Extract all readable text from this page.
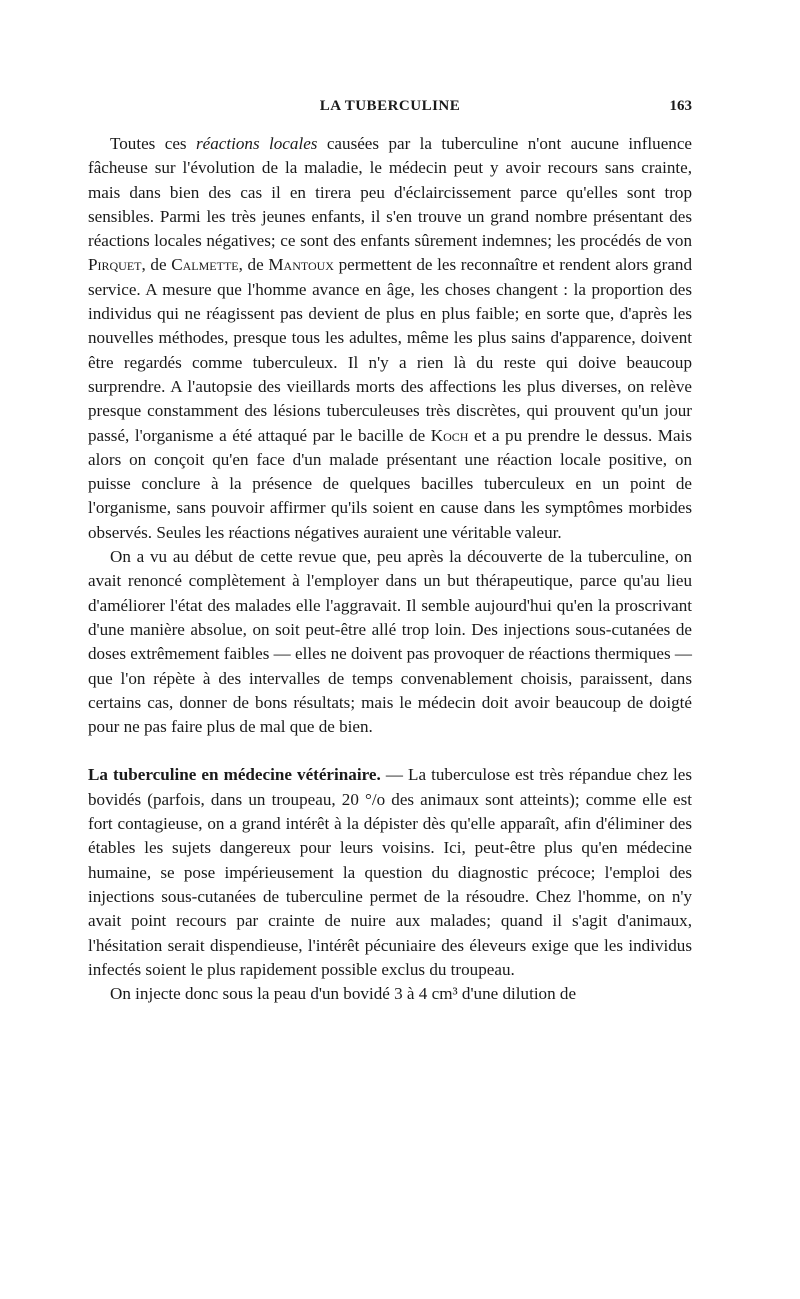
LA TUBERCULINE	163

Toutes ces réactions locales causées par la tuberculine n'ont aucune influence fâcheuse sur l'évolution de la maladie, le médecin peut y avoir recours sans crainte, mais dans bien des cas il en tirera peu d'éclaircissement parce qu'elles sont trop sensibles. Parmi les très jeunes enfants, il s'en trouve un grand nombre présentant des réactions locales négatives; ce sont des enfants sûrement indemnes; les procédés de von Pirquet, de Calmette, de Mantoux permettent de les reconnaître et rendent alors grand service. A mesure que l'homme avance en âge, les choses changent : la proportion des individus qui ne réagissent pas devient de plus en plus faible; en sorte que, d'après les nouvelles méthodes, presque tous les adultes, même les plus sains d'apparence, doivent être regardés comme tuberculeux. Il n'y a rien là du reste qui doive beaucoup surprendre. A l'autopsie des vieillards morts des affections les plus diverses, on relève presque constamment des lésions tuberculeuses très discrètes, qui prouvent qu'un jour passé, l'organisme a été attaqué par le bacille de Koch et a pu prendre le dessus. Mais alors on conçoit qu'en face d'un malade présentant une réaction locale positive, on puisse conclure à la présence de quelques bacilles tuberculeux en un point de l'organisme, sans pouvoir affirmer qu'ils soient en cause dans les symptômes morbides observés. Seules les réactions négatives auraient une véritable valeur.

On a vu au début de cette revue que, peu après la découverte de la tuberculine, on avait renoncé complètement à l'employer dans un but thérapeutique, parce qu'au lieu d'améliorer l'état des malades elle l'aggravait. Il semble aujourd'hui qu'en la proscrivant d'une manière absolue, on soit peut-être allé trop loin. Des injections sous-cutanées de doses extrêmement faibles — elles ne doivent pas provoquer de réactions thermiques — que l'on répète à des intervalles de temps convenablement choisis, paraissent, dans certains cas, donner de bons résultats; mais le médecin doit avoir beaucoup de doigté pour ne pas faire plus de mal que de bien.

La tuberculine en médecine vétérinaire. — La tuberculose est très répandue chez les bovidés (parfois, dans un troupeau, 20 °/o des animaux sont atteints); comme elle est fort contagieuse, on a grand intérêt à la dépister dès qu'elle apparaît, afin d'éliminer des étables les sujets dangereux pour leurs voisins. Ici, peut-être plus qu'en médecine humaine, se pose impérieusement la question du diagnostic précoce; l'emploi des injections sous-cutanées de tuberculine permet de la résoudre. Chez l'homme, on n'y avait point recours par crainte de nuire aux malades; quand il s'agit d'animaux, l'hésitation serait dispendieuse, l'intérêt pécuniaire des éleveurs exige que les individus infectés soient le plus rapidement possible exclus du troupeau.

On injecte donc sous la peau d'un bovidé 3 à 4 cm³ d'une dilution de
